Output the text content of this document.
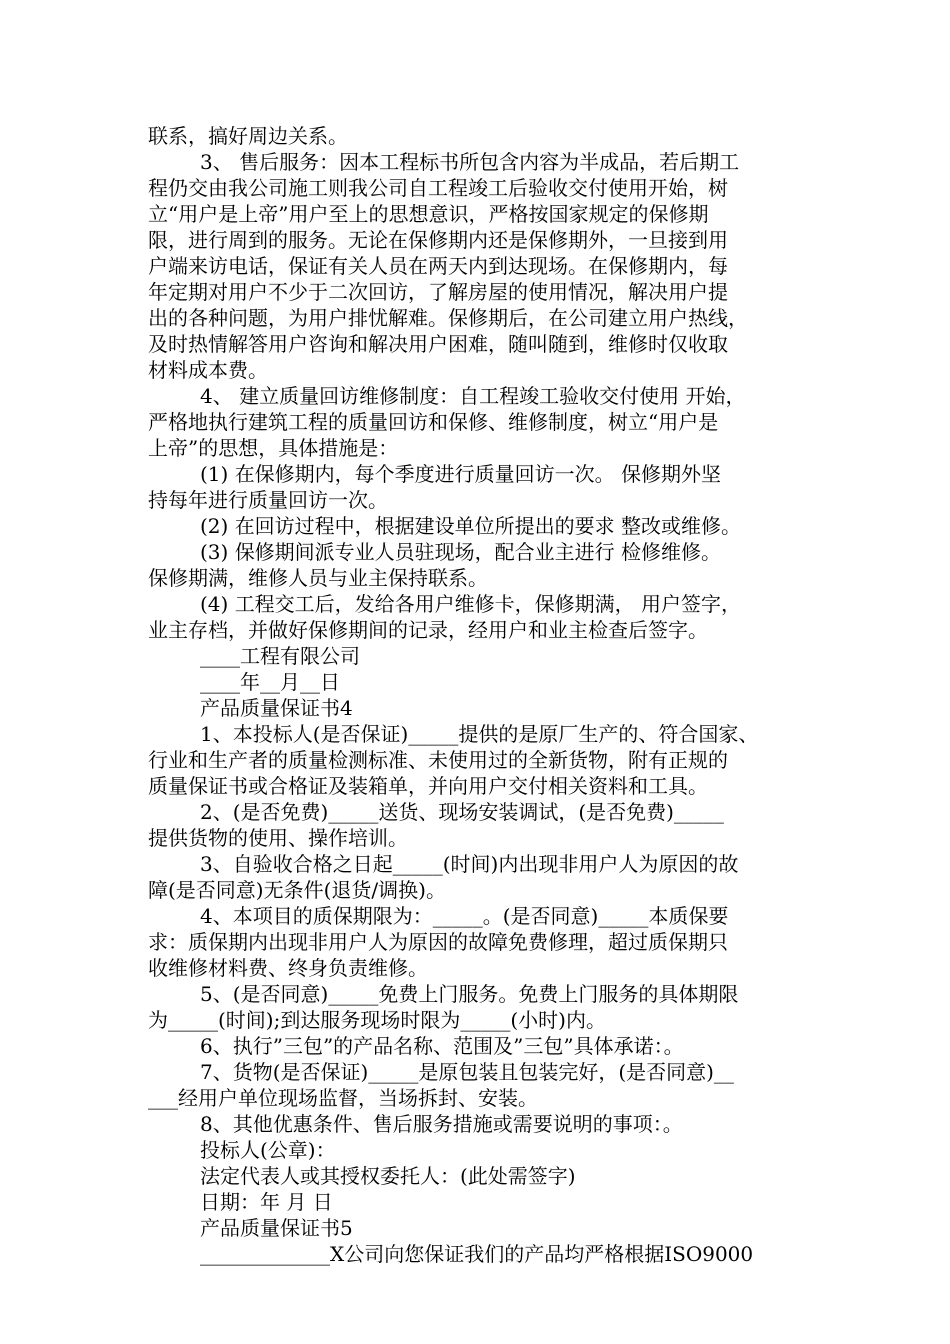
联系，搞好周边关系。

3、 售后服务：因本工程标书所包含内容为半成品，若后期工

程仍交由我公司施工则我公司自工程竣工后验收交付使用开始，树

立“用户是上帝”用户至上的思想意识，严格按国家规定的保修期

限，进行周到的服务。无论在保修期内还是保修期外，一旦接到用

户端来访电话，保证有关人员在两天内到达现场。在保修期内，每

年定期对用户不少于二次回访，了解房屋的使用情况，解决用户提

出的各种问题，为用户排忧解难。保修期后，在公司建立用户热线，

及时热情解答用户咨询和解决用户困难，随叫随到，维修时仅收取

材料成本费。

4、 建立质量回访维修制度：自工程竣工验收交付使用 开始，

严格地执行建筑工程的质量回访和保修、维修制度，树立“用户是

上帝”的思想，具体措施是：

(1) 在保修期内，每个季度进行质量回访一次。 保修期外坚

持每年进行质量回访一次。

(2) 在回访过程中，根据建设单位所提出的要求 整改或维修。

(3) 保修期间派专业人员驻现场，配合业主进行 检修维修。

保修期满，维修人员与业主保持联系。

(4) 工程交工后，发给各用户维修卡，保修期满， 用户签字，

业主存档，并做好保修期间的记录，经用户和业主检查后签字。

____工程有限公司

____年__月__日

产品质量保证书4

1、本投标人(是否保证)_____提供的是原厂生产的、符合国家、

行业和生产者的质量检测标准、未使用过的全新货物，附有正规的

质量保证书或合格证及装箱单，并向用户交付相关资料和工具。

2、(是否免费)_____送货、现场安装调试，(是否免费)_____

提供货物的使用、操作培训。

3、自验收合格之日起_____(时间)内出现非用户人为原因的故

障(是否同意)无条件(退货/调换)。

4、本项目的质保期限为：_____。(是否同意)_____本质保要

求：质保期内出现非用户人为原因的故障免费修理，超过质保期只

收维修材料费、终身负责维修。

5、(是否同意)_____免费上门服务。免费上门服务的具体期限

为_____(时间);到达服务现场时限为_____(小时)内。

6、执行”三包”的产品名称、范围及”三包”具体承诺：。

7、货物(是否保证)_____是原包装且包装完好，(是否同意)__

___经用户单位现场监督，当场拆封、安装。

8、其他优惠条件、售后服务措施或需要说明的事项：。

投标人(公章)：

法定代表人或其授权委托人：(此处需签字)

日期：年 月 日

产品质量保证书5

_____________X公司向您保证我们的产品均严格根据ISO9000
